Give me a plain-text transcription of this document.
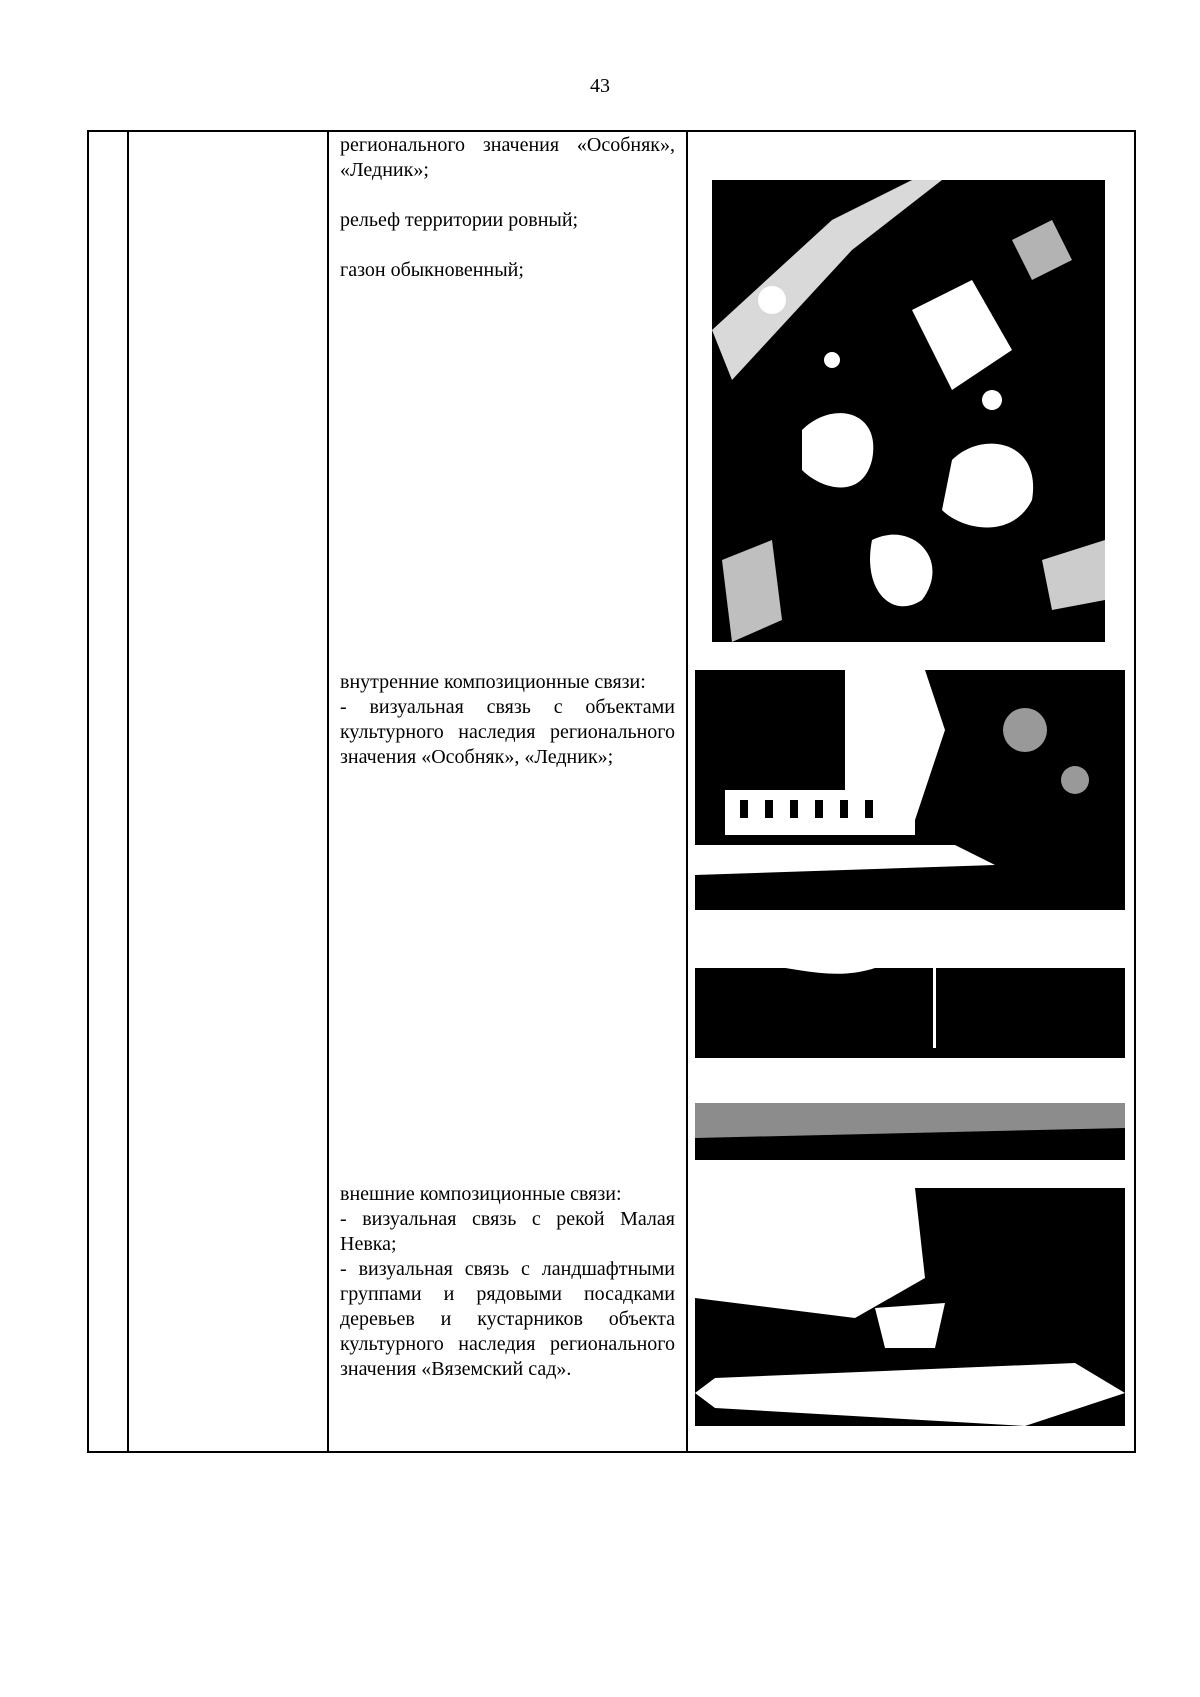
43

регионального значения «Особняк», «Ледник»;

рельеф территории ровный;

газон обыкновенный;

внутренние композиционные связи:

- визуальная связь с объектами культурного наследия регионального значения «Особняк», «Ледник»;

внешние композиционные связи:

- визуальная связь с рекой Малая Невка;

- визуальная связь с ландшафтными группами и рядовыми посадками деревьев и кустарников объекта культурного наследия регионального значения «Вяземский сад».
